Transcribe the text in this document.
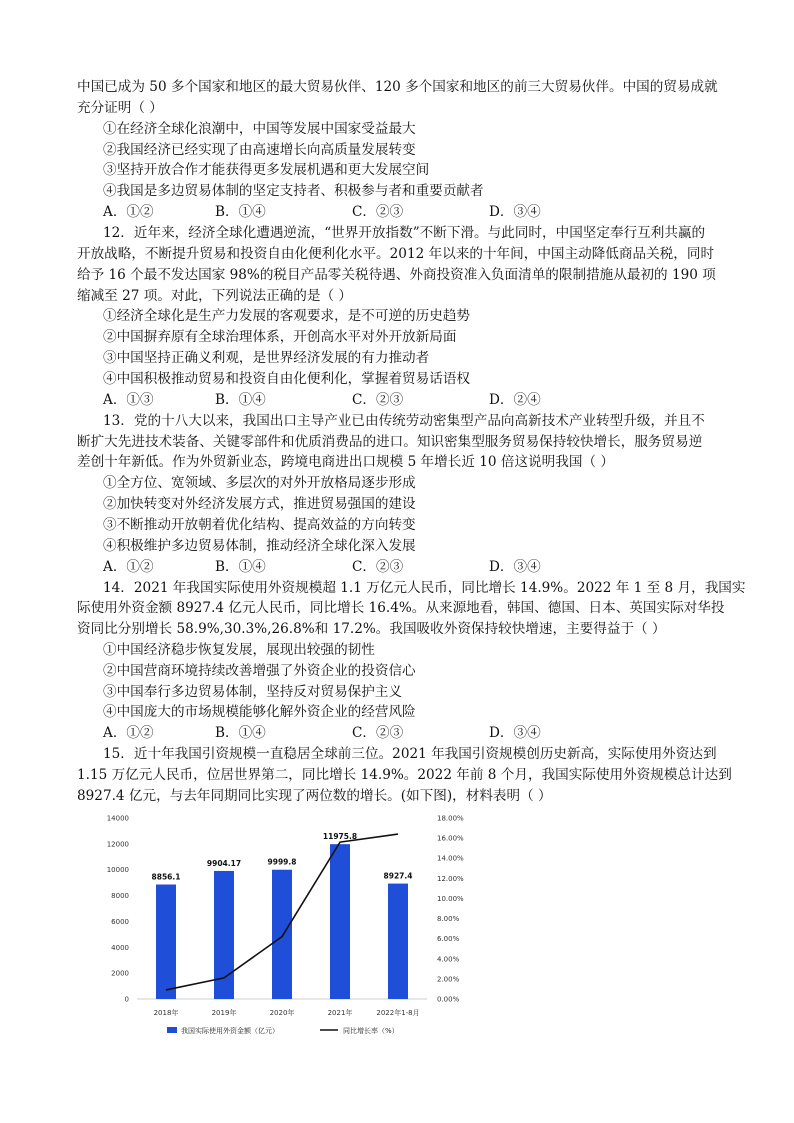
中国已成为 50 多个国家和地区的最大贸易伙伴、120 多个国家和地区的前三大贸易伙伴。中国的贸易成就
充分证明（ ）
①在经济全球化浪潮中，中国等发展中国家受益最大
②我国经济已经实现了由高速增长向高质量发展转变
③坚持开放合作才能获得更多发展机遇和更大发展空间
④我国是多边贸易体制的坚定支持者、积极参与者和重要贡献者
A．①②	B．①④	C．②③	D．③④
12．近年来，经济全球化遭遇逆流，“世界开放指数”不断下滑。与此同时，中国坚定奉行互利共赢的
开放战略，不断提升贸易和投资自由化便利化水平。2012 年以来的十年间，中国主动降低商品关税，同时
给予 16 个最不发达国家 98%的税目产品零关税待遇、外商投资准入负面清单的限制措施从最初的 190 项
缩减至 27 项。对此，下列说法正确的是（ ）
①经济全球化是生产力发展的客观要求，是不可逆的历史趋势
②中国摒弃原有全球治理体系，开创高水平对外开放新局面
③中国坚持正确义利观，是世界经济发展的有力推动者
④中国积极推动贸易和投资自由化便利化，掌握着贸易话语权
A．①③	B．①④	C．②③	D．②④
13．党的十八大以来，我国出口主导产业已由传统劳动密集型产品向高新技术产业转型升级，并且不
断扩大先进技术装备、关键零部件和优质消费品的进口。知识密集型服务贸易保持较快增长，服务贸易逆
差创十年新低。作为外贸新业态，跨境电商进出口规模 5 年增长近 10 倍这说明我国（ ）
①全方位、宽领域、多层次的对外开放格局逐步形成
②加快转变对外经济发展方式，推进贸易强国的建设
③不断推动开放朝着优化结构、提高效益的方向转变
④积极维护多边贸易体制，推动经济全球化深入发展
A．①②	B．①④	C．②③	D．③④
14．2021 年我国实际使用外资规模超 1.1 万亿元人民币，同比增长 14.9%。2022 年 1 至 8 月，我国实
际使用外资金额 8927.4 亿元人民币，同比增长 16.4%。从来源地看，韩国、德国、日本、英国实际对华投
资同比分别增长 58.9%,30.3%,26.8%和 17.2%。我国吸收外资保持较快增速，主要得益于（ ）
①中国经济稳步恢复发展，展现出较强的韧性
②中国营商环境持续改善增强了外资企业的投资信心
③中国奉行多边贸易体制，坚持反对贸易保护主义
④中国庞大的市场规模能够化解外资企业的经营风险
A．①②	B．①④	C．②③	D．③④
15．近十年我国引资规模一直稳居全球前三位。2021 年我国引资规模创历史新高，实际使用外资达到
1.15 万亿元人民币，位居世界第二，同比增长 14.9%。2022 年前 8 个月，我国实际使用外资规模总计达到
8927.4 亿元，与去年同期同比实现了两位数的增长。(如下图)，材料表明（ ）
0
2000
4000
6000
8000
10000
12000
14000
0.00%
2.00%
4.00%
6.00%
8.00%
10.00%
12.00%
14.00%
16.00%
18.00%
8856.1
2018年
9904.17
2019年
9999.8
2020年
11975.8
2021年
8927.4
2022年1-8月
我国实际使用外资金额（亿元）	同比增长率（%）
